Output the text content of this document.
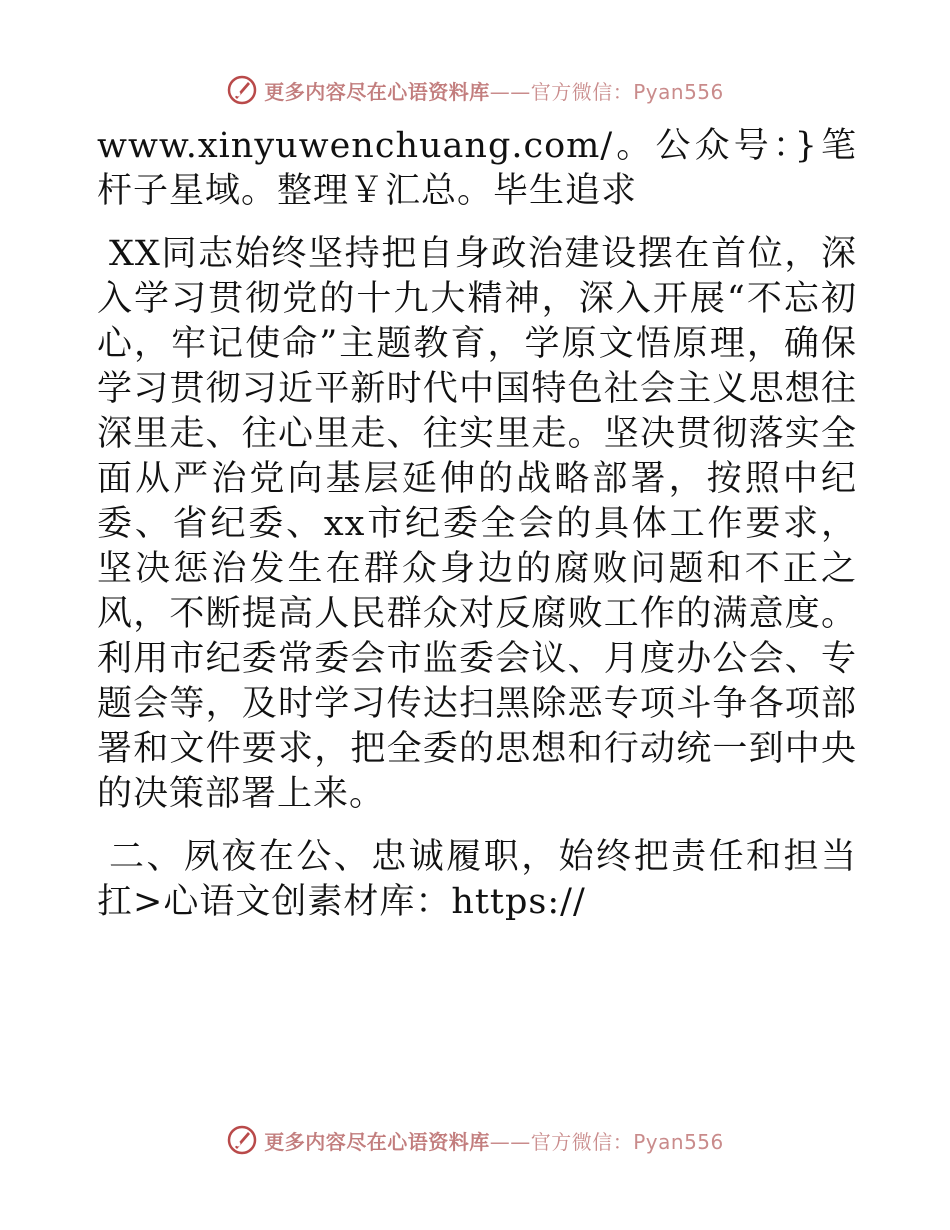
更多内容尽在心语资料库——官方微信：Pyan556

www.xinyuwenchuang.com/。公众号：}笔杆子星域。整理￥汇总。毕生追求

XX同志始终坚持把自身政治建设摆在首位，深入学习贯彻党的十九大精神，深入开展“不忘初心，牢记使命”主题教育，学原文悟原理，确保学习贯彻习近平新时代中国特色社会主义思想往深里走、往心里走、往实里走。坚决贯彻落实全面从严治党向基层延伸的战略部署，按照中纪委、省纪委、xx市纪委全会的具体工作要求，坚决惩治发生在群众身边的腐败问题和不正之风，不断提高人民群众对反腐败工作的满意度。利用市纪委常委会市监委会议、月度办公会、专题会等，及时学习传达扫黑除恶专项斗争各项部署和文件要求，把全委的思想和行动统一到中央的决策部署上来。

二、夙夜在公、忠诚履职，始终把责任和担当扛>心语文创素材库：https://

更多内容尽在心语资料库——官方微信：Pyan556
